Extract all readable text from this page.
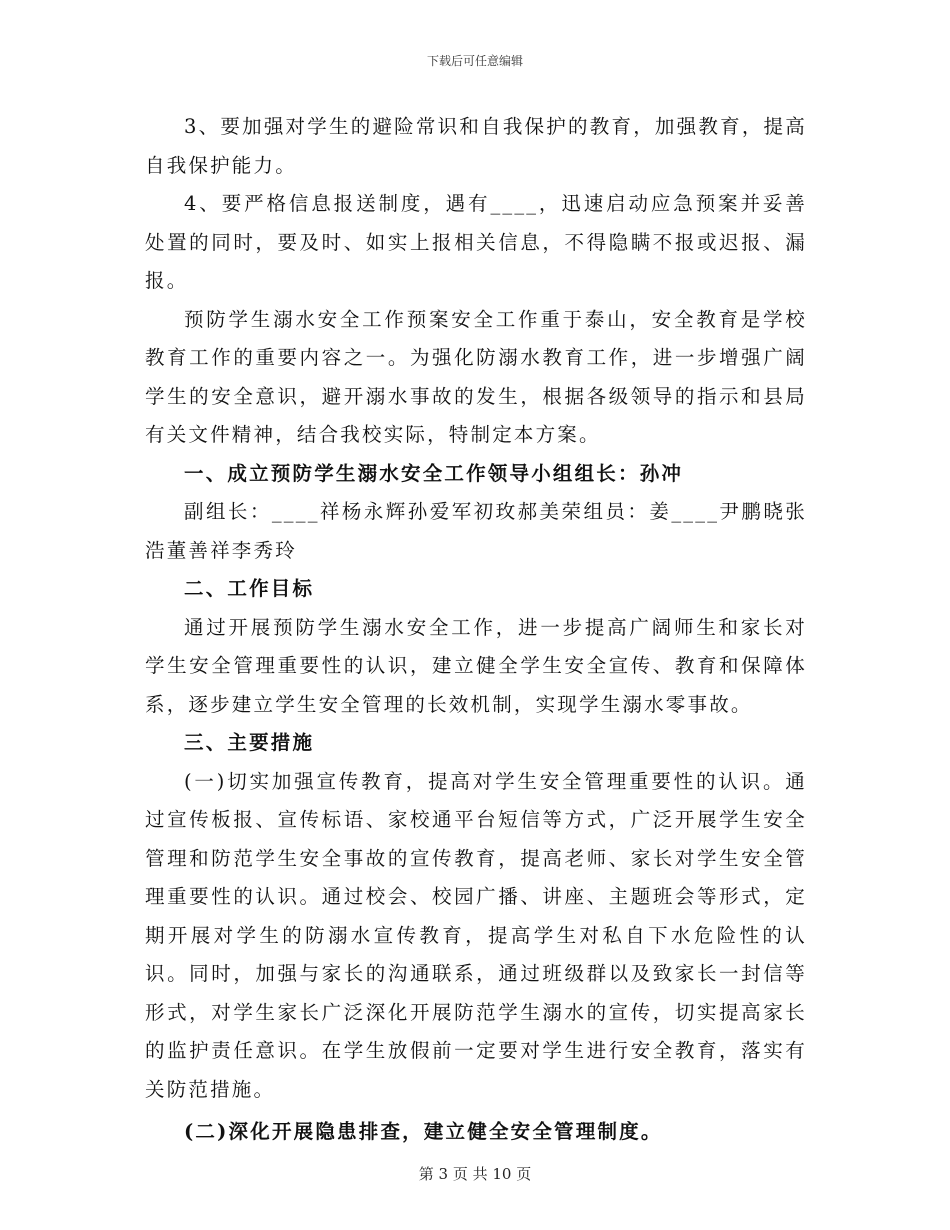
下载后可任意编辑

3、要加强对学生的避险常识和自我保护的教育，加强教育，提高自我保护能力。

4、要严格信息报送制度，遇有____，迅速启动应急预案并妥善处置的同时，要及时、如实上报相关信息，不得隐瞒不报或迟报、漏报。

预防学生溺水安全工作预案安全工作重于泰山，安全教育是学校教育工作的重要内容之一。为强化防溺水教育工作，进一步增强广阔学生的安全意识，避开溺水事故的发生，根据各级领导的指示和县局有关文件精神，结合我校实际，特制定本方案。

一、成立预防学生溺水安全工作领导小组组长：孙冲

副组长：____祥杨永辉孙爱军初玫郝美荣组员：姜____尹鹏晓张浩董善祥李秀玲

二、工作目标

通过开展预防学生溺水安全工作，进一步提高广阔师生和家长对学生安全管理重要性的认识，建立健全学生安全宣传、教育和保障体系，逐步建立学生安全管理的长效机制，实现学生溺水零事故。

三、主要措施

(一)切实加强宣传教育，提高对学生安全管理重要性的认识。通过宣传板报、宣传标语、家校通平台短信等方式，广泛开展学生安全管理和防范学生安全事故的宣传教育，提高老师、家长对学生安全管理重要性的认识。通过校会、校园广播、讲座、主题班会等形式，定期开展对学生的防溺水宣传教育，提高学生对私自下水危险性的认识。同时，加强与家长的沟通联系，通过班级群以及致家长一封信等形式，对学生家长广泛深化开展防范学生溺水的宣传，切实提高家长的监护责任意识。在学生放假前一定要对学生进行安全教育，落实有关防范措施。

(二)深化开展隐患排查，建立健全安全管理制度。

第 3 页 共 10 页
